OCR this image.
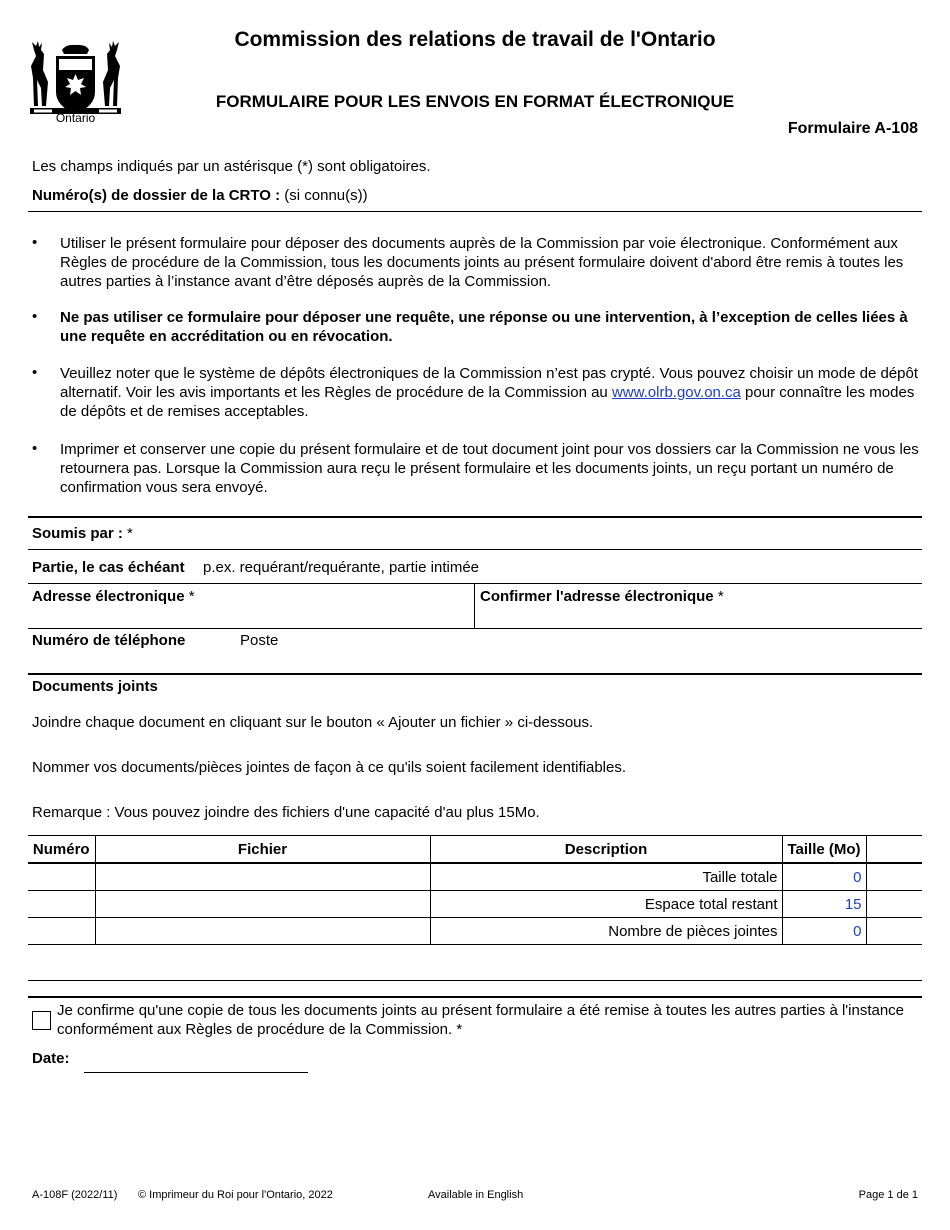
Ontario
Commission des relations de travail de l'Ontario
FORMULAIRE POUR LES ENVOIS EN FORMAT ÉLECTRONIQUE
Formulaire A-108
Les champs indiqués par un astérisque (*) sont obligatoires.
Numéro(s) de dossier de la CRTO : (si connu(s))
• Utiliser le présent formulaire pour déposer des documents auprès de la Commission par voie électronique. Conformément aux Règles de procédure de la Commission, tous les documents joints au présent formulaire doivent d'abord être remis à toutes les autres parties à l’instance avant d’être déposés auprès de la Commission.
• Ne pas utiliser ce formulaire pour déposer une requête, une réponse ou une intervention, à l’exception de celles liées à une requête en accréditation ou en révocation.
• Veuillez noter que le système de dépôts électroniques de la Commission n’est pas crypté. Vous pouvez choisir un mode de dépôt alternatif. Voir les avis importants et les Règles de procédure de la Commission au www.olrb.gov.on.ca pour connaître les modes de dépôts et de remises acceptables.
• Imprimer et conserver une copie du présent formulaire et de tout document joint pour vos dossiers car la Commission ne vous les retournera pas. Lorsque la Commission aura reçu le présent formulaire et les documents joints, un reçu portant un numéro de confirmation vous sera envoyé.
Soumis par : *
Partie, le cas échéant p.ex. requérant/requérante, partie intimée
Adresse électronique *	Confirmer l'adresse électronique *
Numéro de téléphone	Poste
Documents joints
Joindre chaque document en cliquant sur le bouton « Ajouter un fichier » ci-dessous.
Nommer vos documents/pièces jointes de façon à ce qu'ils soient facilement identifiables.
Remarque : Vous pouvez joindre des fichiers d'une capacité d'au plus 15Mo.
Numéro	Fichier	Description	Taille (Mo)	
		Taille totale	0	
		Espace total restant	15	
		Nombre de pièces jointes	0	
Je confirme qu'une copie de tous les documents joints au présent formulaire a été remise à toutes les autres parties à l'instance conformément aux Règles de procédure de la Commission. *
Date:
A-108F (2022/11) © Imprimeur du Roi pour l'Ontario, 2022	Available in English	Page 1 de 1
